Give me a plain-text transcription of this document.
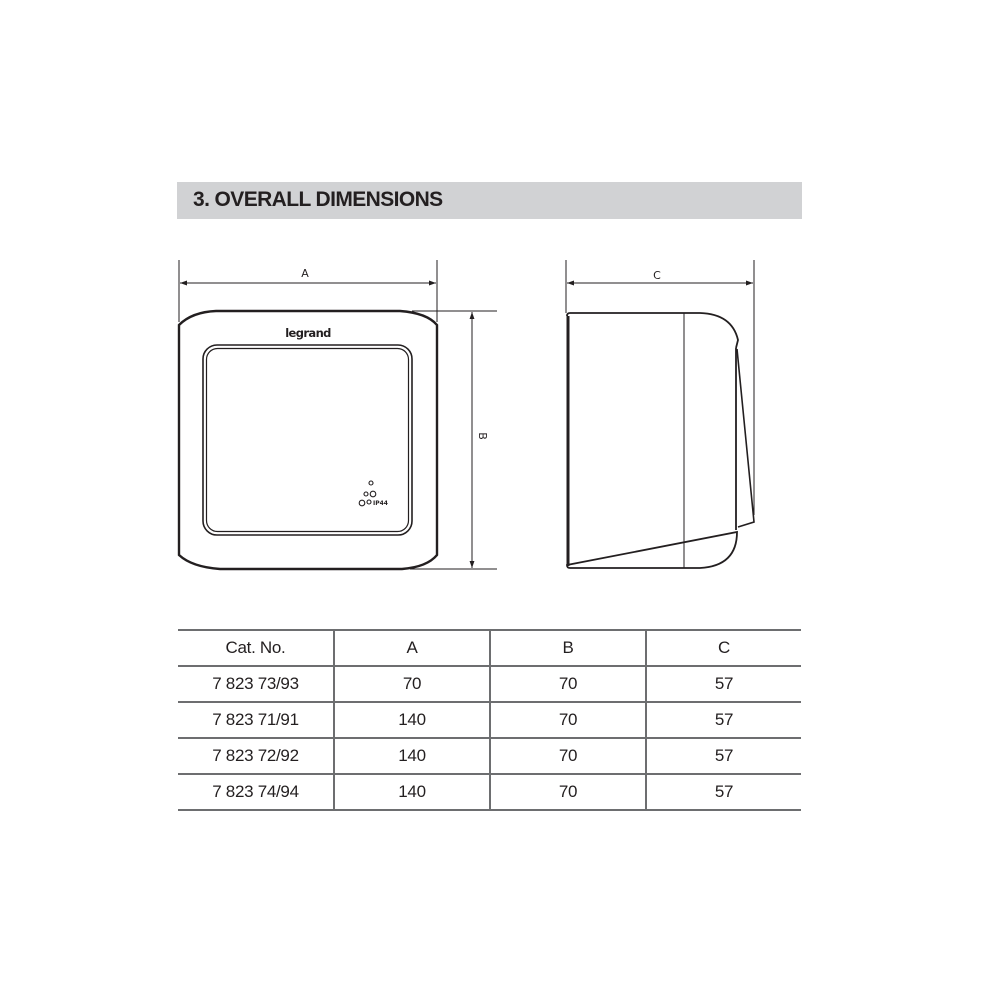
3. OVERALL DIMENSIONS
legrand
IP44
A
B
C
Cat. No.	A	B	C
7 823 73/93	70	70	57
7 823 71/91	140	70	57
7 823 72/92	140	70	57
7 823 74/94	140	70	57
